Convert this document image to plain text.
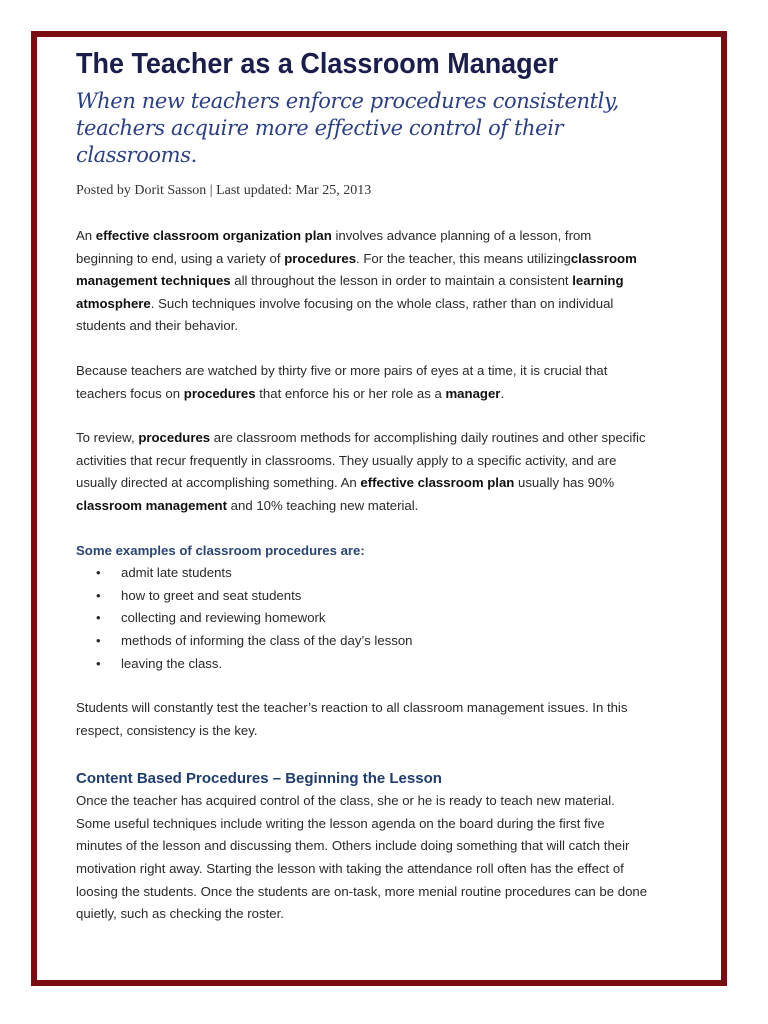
The Teacher as a Classroom Manager
When new teachers enforce procedures consistently,
teachers acquire more effective control of their classrooms.
Posted by Dorit Sasson | Last updated: Mar 25, 2013

An effective classroom organization plan involves advance planning of a lesson, from beginning to end, using a variety of procedures. For the teacher, this means utilizingclassroom management techniques all throughout the lesson in order to maintain a consistent learning atmosphere. Such techniques involve focusing on the whole class, rather than on individual students and their behavior.

Because teachers are watched by thirty five or more pairs of eyes at a time, it is crucial that teachers focus on procedures that enforce his or her role as a manager.

To review, procedures are classroom methods for accomplishing daily routines and other specific activities that recur frequently in classrooms. They usually apply to a specific activity, and are usually directed at accomplishing something. An effective classroom plan usually has 90% classroom management and 10% teaching new material.

Some examples of classroom procedures are:

• admit late students
• how to greet and seat students
• collecting and reviewing homework
• methods of informing the class of the day’s lesson
• leaving the class.

Students will constantly test the teacher’s reaction to all classroom management issues. In this respect, consistency is the key.

Content Based Procedures – Beginning the Lesson

Once the teacher has acquired control of the class, she or he is ready to teach new material. Some useful techniques include writing the lesson agenda on the board during the first five minutes of the lesson and discussing them. Others include doing something that will catch their motivation right away. Starting the lesson with taking the attendance roll often has the effect of loosing the students. Once the students are on-task, more menial routine procedures can be done quietly, such as checking the roster.
